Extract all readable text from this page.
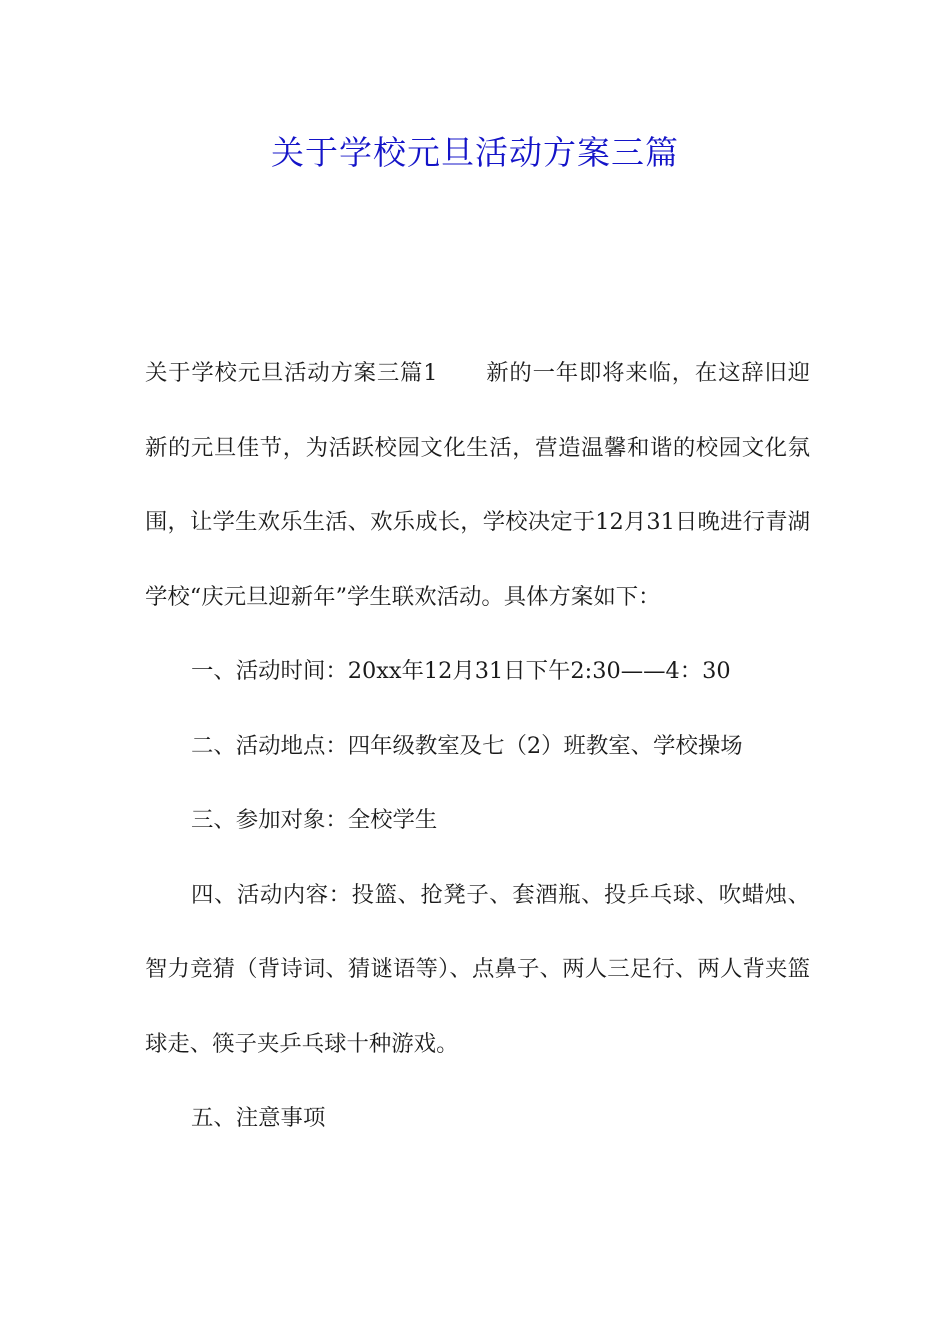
关于学校元旦活动方案三篇

关于学校元旦活动方案三篇1 新的一年即将来临，在这辞旧迎新的元旦佳节，为活跃校园文化生活，营造温馨和谐的校园文化氛围，让学生欢乐生活、欢乐成长，学校决定于12月31日晚进行青湖学校“庆元旦迎新年”学生联欢活动。具体方案如下：

一、活动时间：20xx年12月31日下午2:30——4：30

二、活动地点：四年级教室及七（2）班教室、学校操场

三、参加对象：全校学生

四、活动内容：投篮、抢凳子、套酒瓶、投乒乓球、吹蜡烛、智力竞猜（背诗词、猜谜语等）、点鼻子、两人三足行、两人背夹篮球走、筷子夹乒乓球十种游戏。

五、注意事项
